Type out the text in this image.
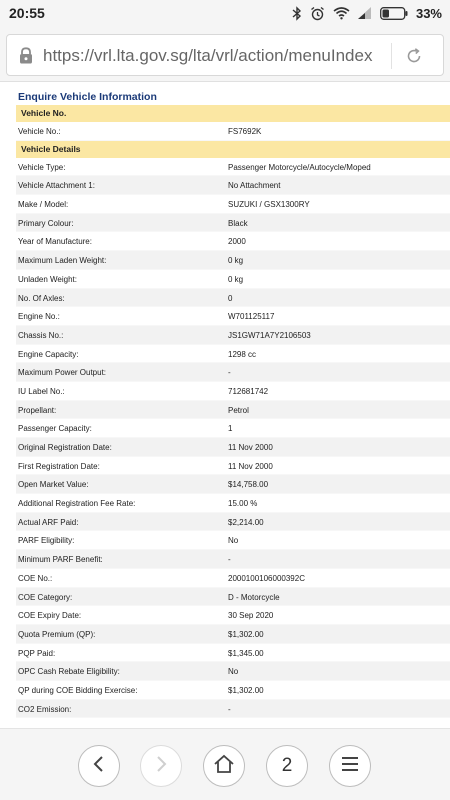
20:55	33%
https://vrl.lta.gov.sg/lta/vrl/action/menuIndex
Enquire Vehicle Information
Vehicle No.
Vehicle No.:	FS7692K
Vehicle Details
Vehicle Type:	Passenger Motorcycle/Autocycle/Moped
Vehicle Attachment 1:	No Attachment
Make / Model:	SUZUKI / GSX1300RY
Primary Colour:	Black
Year of Manufacture:	2000
Maximum Laden Weight:	0 kg
Unladen Weight:	0 kg
No. Of Axles:	0
Engine No.:	W701125117
Chassis No.:	JS1GW71A7Y2106503
Engine Capacity:	1298 cc
Maximum Power Output:	-
IU Label No.:	712681742
Propellant:	Petrol
Passenger Capacity:	1
Original Registration Date:	11 Nov 2000
First Registration Date:	11 Nov 2000
Open Market Value:	$14,758.00
Additional Registration Fee Rate:	15.00 %
Actual ARF Paid:	$2,214.00
PARF Eligibility:	No
Minimum PARF Benefit:	-
COE No.:	2000100106000392C
COE Category:	D - Motorcycle
COE Expiry Date:	30 Sep 2020
Quota Premium (QP):	$1,302.00
PQP Paid:	$1,345.00
OPC Cash Rebate Eligibility:	No
QP during COE Bidding Exercise:	$1,302.00
CO2 Emission:	-
2
